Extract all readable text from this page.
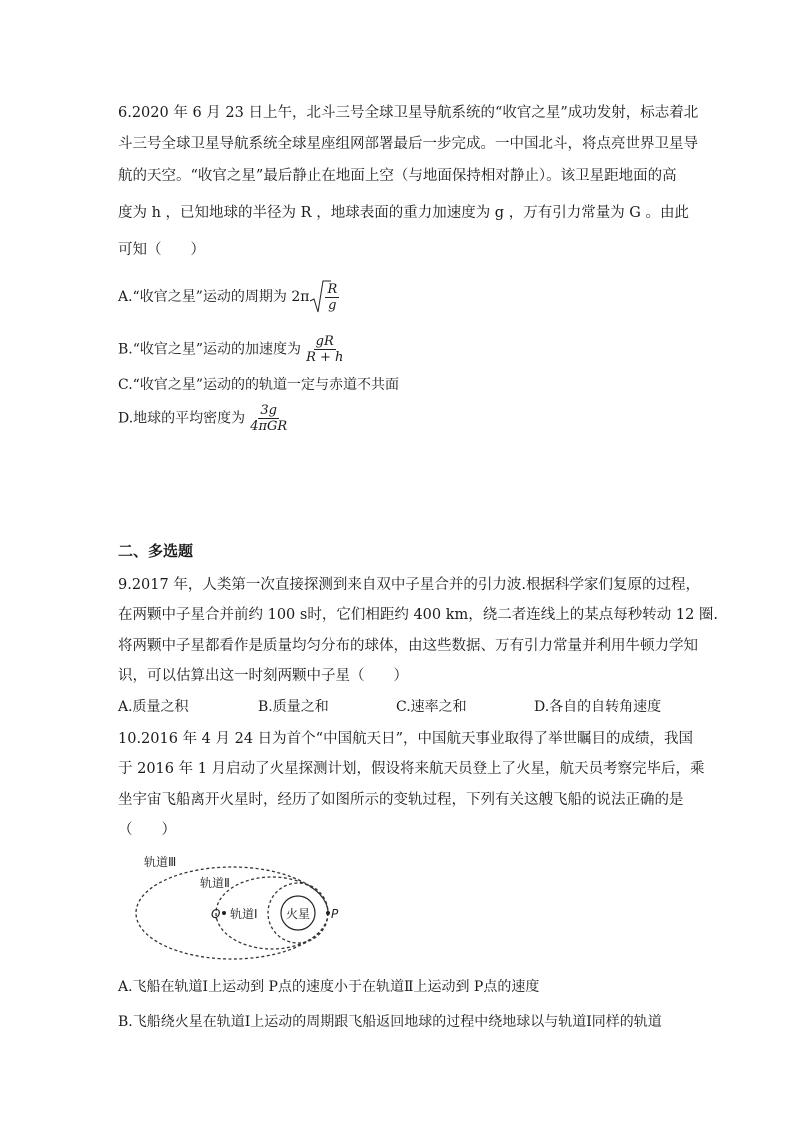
6.2020 年 6 月 23 日上午，北斗三号全球卫星导航系统的“收官之星”成功发射，标志着北
斗三号全球卫星导航系统全球星座组网部署最后一步完成。一中国北斗，将点亮世界卫星导
航的天空。“收官之星”最后静止在地面上空（与地面保持相对静止）。该卫星距地面的高
度为 h ，已知地球的半径为 R ，地球表面的重力加速度为 g ，万有引力常量为 G 。由此
可知（　　）
A.“收官之星”运动的周期为 $2\pi \frac{R}{g}$
B.“收官之星”运动的加速度为 $\frac{gR}{R + h}$
C.“收官之星”运动的的轨道一定与赤道不共面
D.地球的平均密度为 $\frac{3g}{\text{4πGR}}$
二、多选题
9.2017 年，人类第一次直接探测到来自双中子星合并的引力波.根据科学家们复原的过程，
在两颗中子星合并前约 100 s时，它们相距约 400 km，绕二者连线上的某点每秒转动 12 圈.
将两颗中子星都看作是质量均匀分布的球体，由这些数据、万有引力常量并利用牛顿力学知
识，可以估算出这一时刻两颗中子星（　　）
A.质量之积	B.质量之和	C.速率之和	D.各自的自转角速度
10.2016 年 4 月 24 日为首个“中国航天日”，中国航天事业取得了举世瞩目的成绩，我国
于 2016 年 1 月启动了火星探测计划，假设将来航天员登上了火星，航天员考察完毕后，乘
坐宇宙飞船离开火星时，经历了如图所示的变轨过程，下列有关这艘飞船的说法正确的是
（　　）
火星
Q	P
轨道Ⅰ
轨道Ⅱ
轨道Ⅲ
A.飞船在轨道Ⅰ上运动到 P点的速度小于在轨道Ⅱ上运动到 P点的速度
B.飞船绕火星在轨道Ⅰ上运动的周期跟飞船返回地球的过程中绕地球以与轨道Ⅰ同样的轨道
